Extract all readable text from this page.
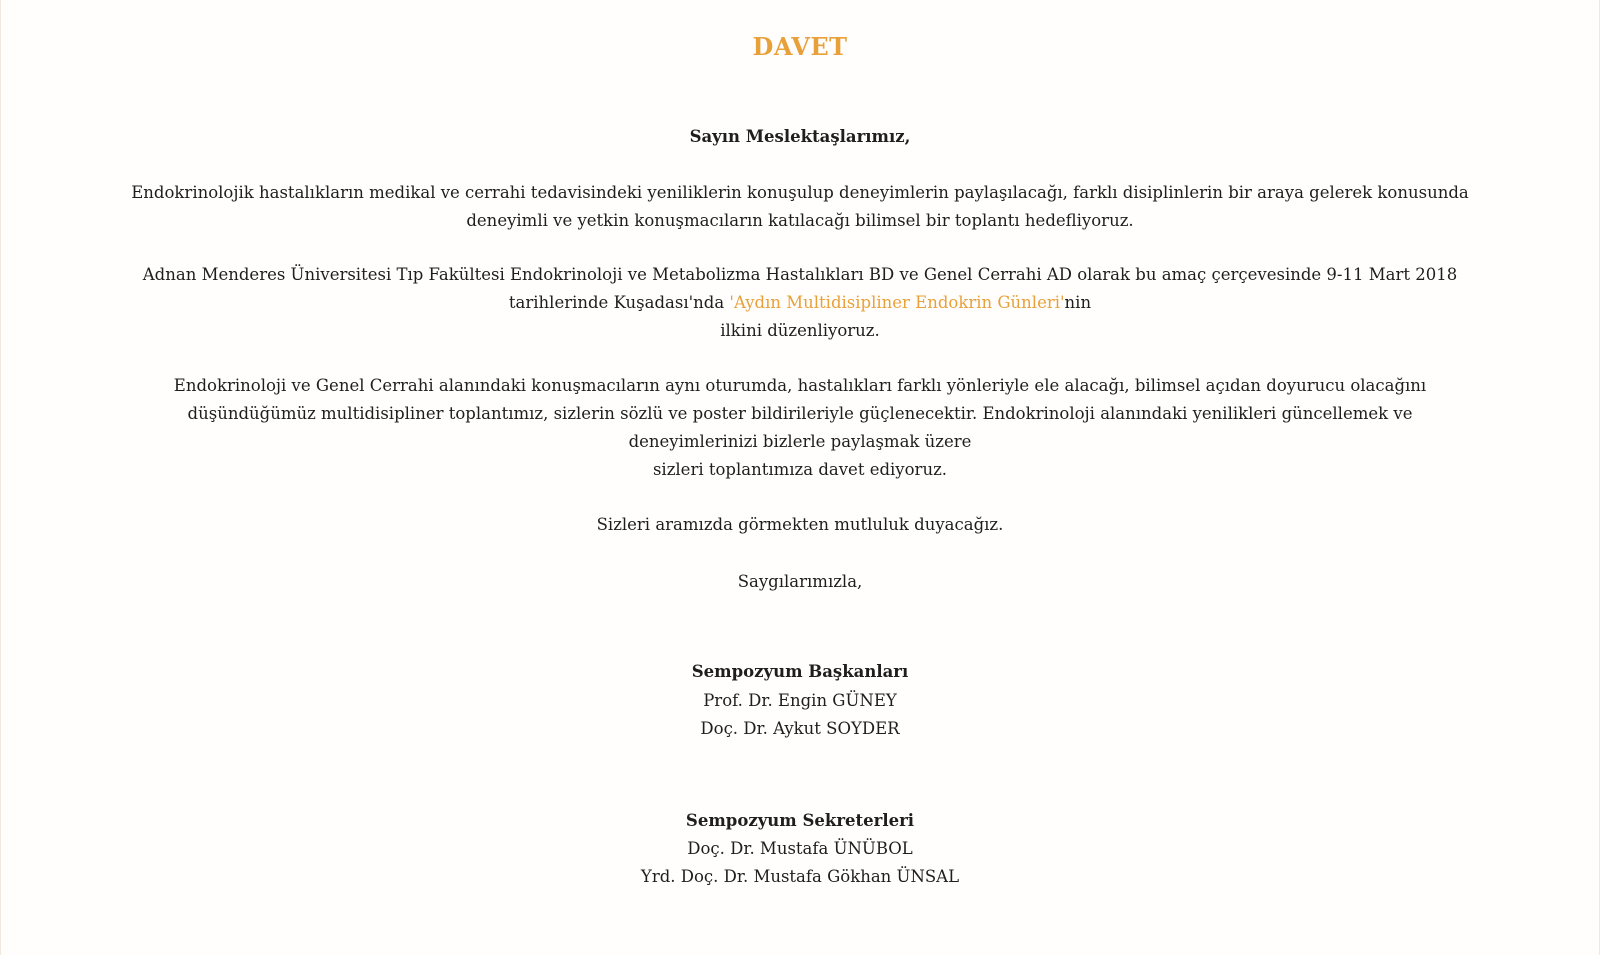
DAVET
Sayın Meslektaşlarımız,
Endokrinolojik hastalıkların medikal ve cerrahi tedavisindeki yeniliklerin konuşulup deneyimlerin paylaşılacağı, farklı disiplinlerin bir araya gelerek konusunda
deneyimli ve yetkin konuşmacıların katılacağı bilimsel bir toplantı hedefliyoruz.
Adnan Menderes Üniversitesi Tıp Fakültesi Endokrinoloji ve Metabolizma Hastalıkları BD ve Genel Cerrahi AD olarak bu amaç çerçevesinde 9-11 Mart 2018
tarihlerinde Kuşadası'nda 'Aydın Multidisipliner Endokrin Günleri'nin
ilkini düzenliyoruz.
Endokrinoloji ve Genel Cerrahi alanındaki konuşmacıların aynı oturumda, hastalıkları farklı yönleriyle ele alacağı, bilimsel açıdan doyurucu olacağını
düşündüğümüz multidisipliner toplantımız, sizlerin sözlü ve poster bildirileriyle güçlenecektir. Endokrinoloji alanındaki yenilikleri güncellemek ve
deneyimlerinizi bizlerle paylaşmak üzere
sizleri toplantımıza davet ediyoruz.
Sizleri aramızda görmekten mutluluk duyacağız.
Saygılarımızla,
Sempozyum Başkanları
Prof. Dr. Engin GÜNEY
Doç. Dr. Aykut SOYDER
Sempozyum Sekreterleri
Doç. Dr. Mustafa ÜNÜBOL
Yrd. Doç. Dr. Mustafa Gökhan ÜNSAL
